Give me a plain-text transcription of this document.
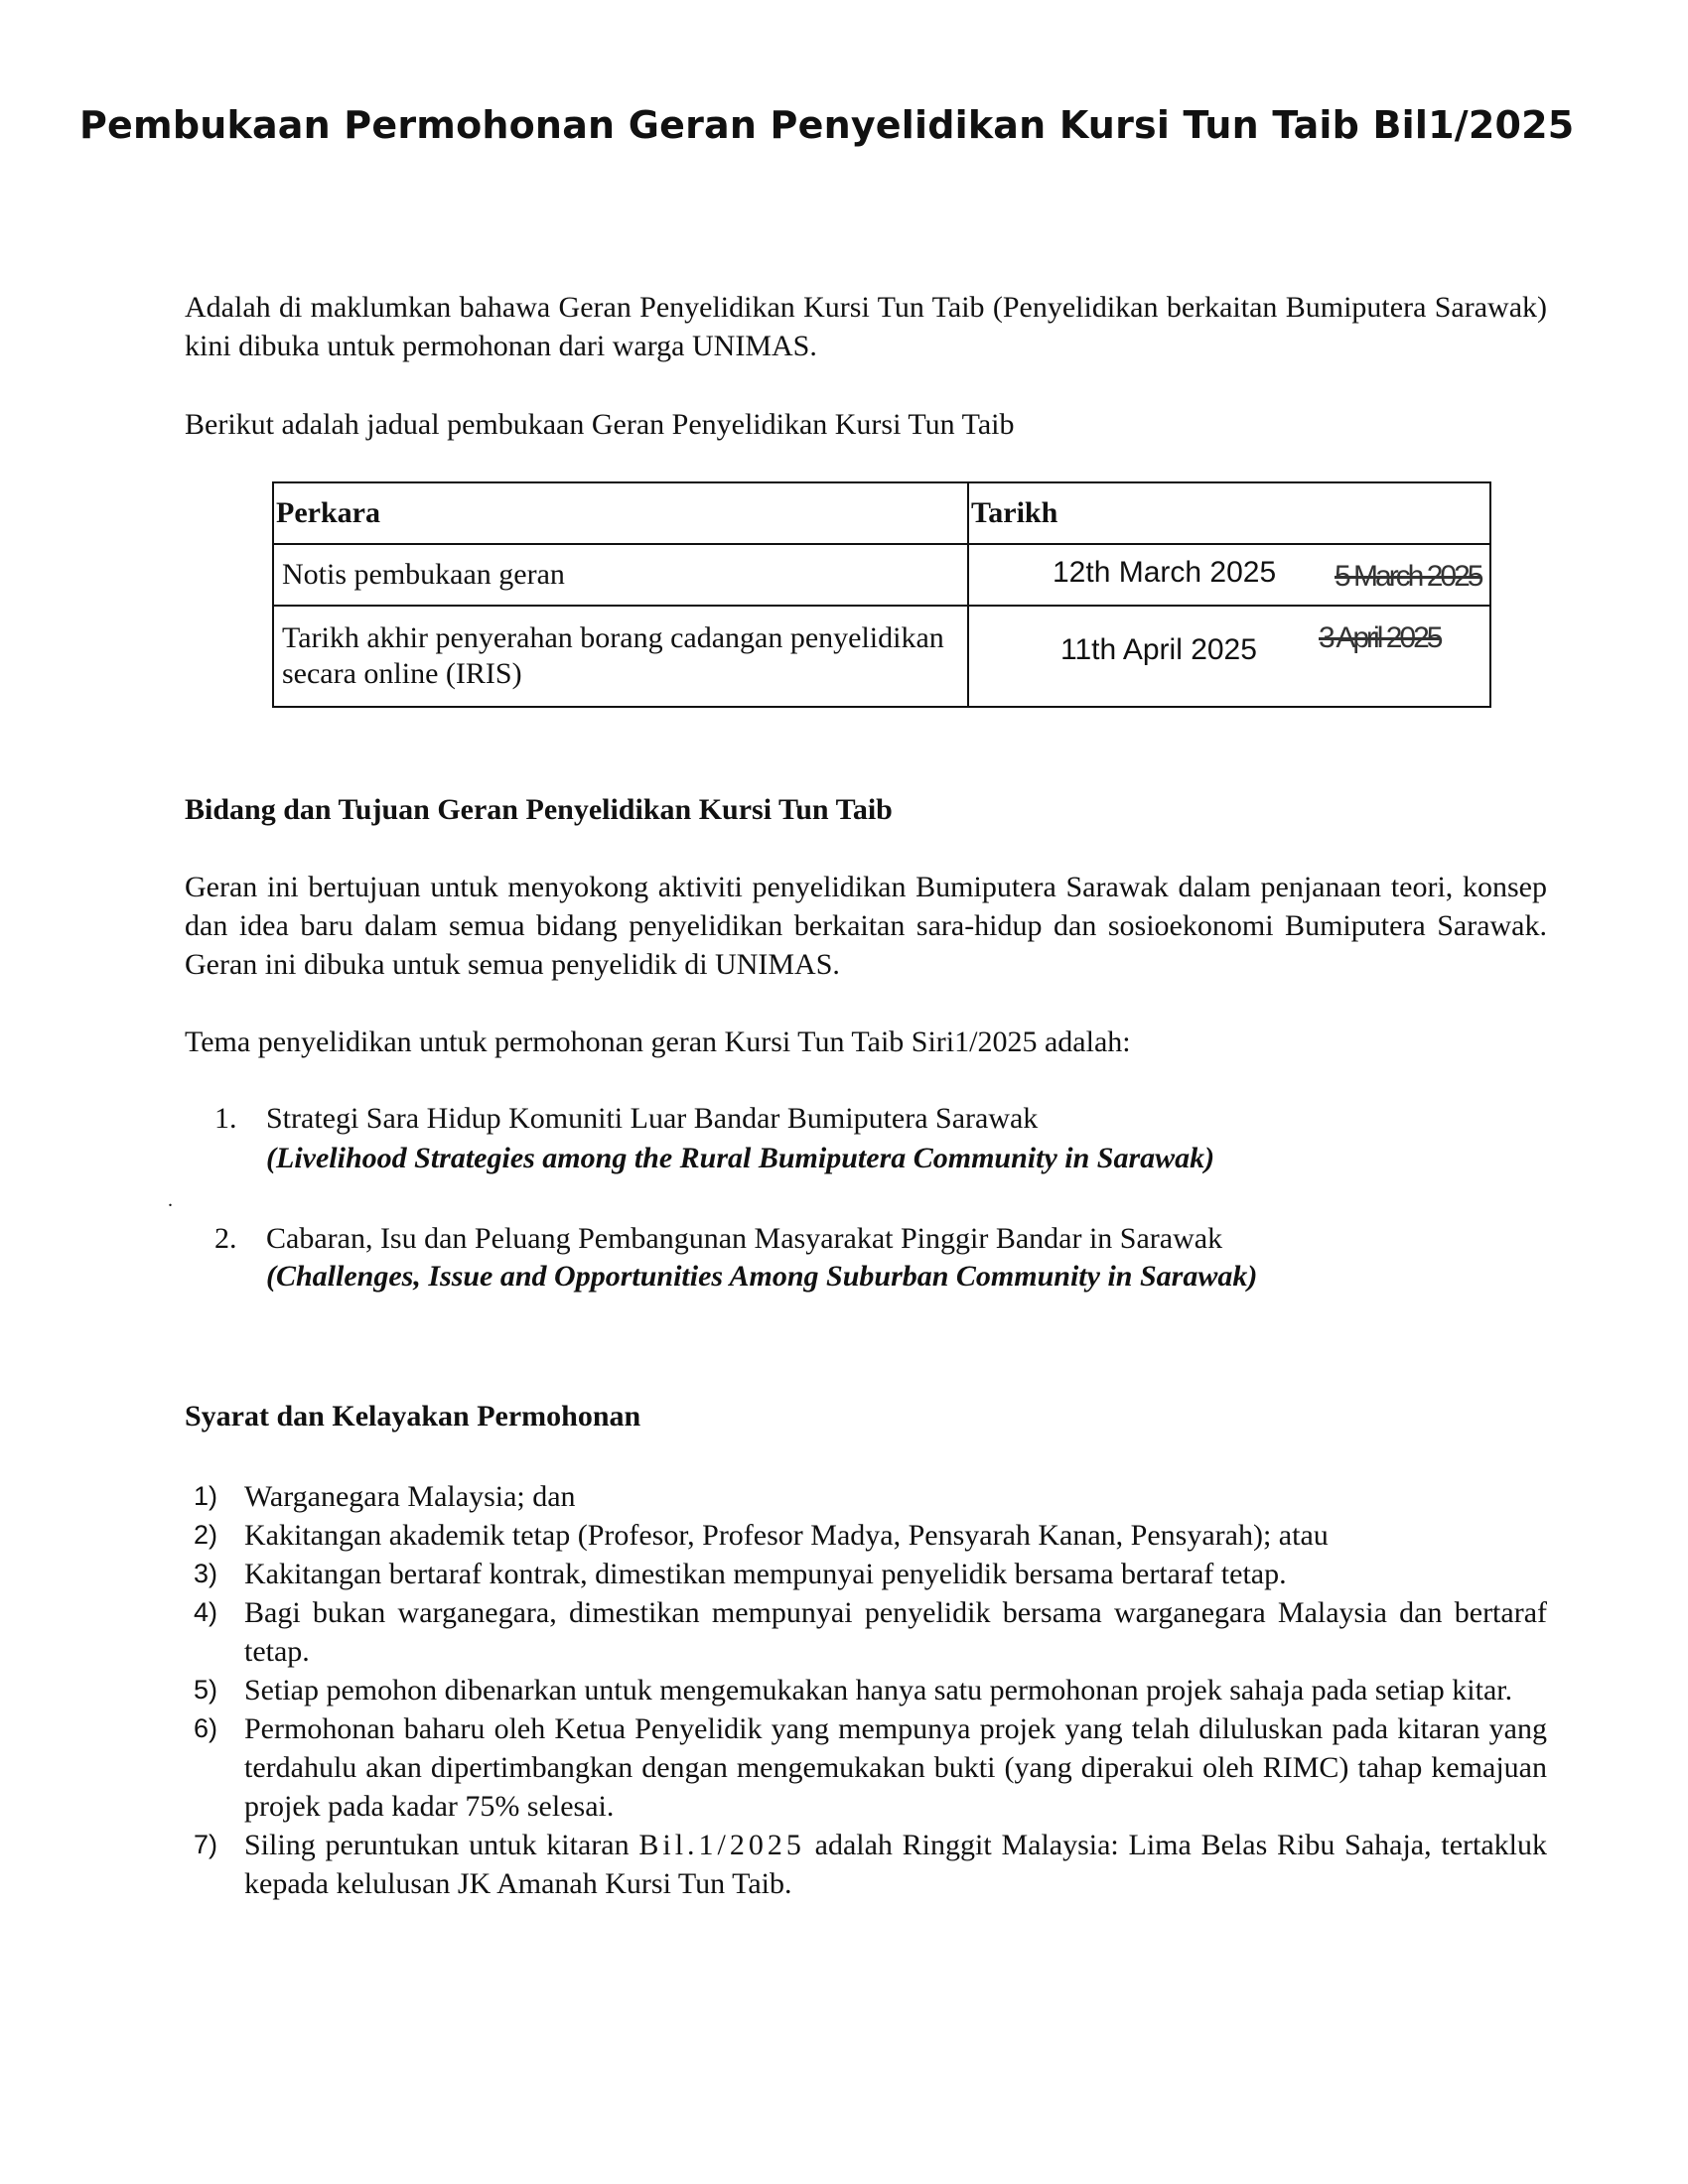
Pembukaan Permohonan Geran Penyelidikan Kursi Tun Taib Bil1/2025

Adalah di maklumkan bahawa Geran Penyelidikan Kursi Tun Taib (Penyelidikan berkaitan Bumiputera Sarawak) kini dibuka untuk permohonan dari warga UNIMAS.

Berikut adalah jadual pembukaan Geran Penyelidikan Kursi Tun Taib

Perkara	Tarikh
Notis pembukaan geran	12th March 2025 5 March 2025

Tarikh akhir penyerahan borang cadangan penyelidikan secara online (IRIS)	11th April 2025 3 April 2025
Bidang dan Tujuan Geran Penyelidikan Kursi Tun Taib

Geran ini bertujuan untuk menyokong aktiviti penyelidikan Bumiputera Sarawak dalam penjanaan teori, konsep dan idea baru dalam semua bidang penyelidikan berkaitan sara-hidup dan sosioekonomi Bumiputera Sarawak. Geran ini dibuka untuk semua penyelidik di UNIMAS.

Tema penyelidikan untuk permohonan geran Kursi Tun Taib Siri1/2025 adalah:

1. Strategi Sara Hidup Komuniti Luar Bandar Bumiputera Sarawak
(Livelihood Strategies among the Rural Bumiputera Community in Sarawak)
.
2. Cabaran, Isu dan Peluang Pembangunan Masyarakat Pinggir Bandar in Sarawak
(Challenges, Issue and Opportunities Among Suburban Community in Sarawak)
Syarat dan Kelayakan Permohonan
1) Warganegara Malaysia; dan
2) Kakitangan akademik tetap (Profesor, Profesor Madya, Pensyarah Kanan, Pensyarah); atau
3) Kakitangan bertaraf kontrak, dimestikan mempunyai penyelidik bersama bertaraf tetap.
4) Bagi bukan warganegara, dimestikan mempunyai penyelidik bersama warganegara Malaysia dan bertaraf tetap.
5) Setiap pemohon dibenarkan untuk mengemukakan hanya satu permohonan projek sahaja pada setiap kitar.
6) Permohonan baharu oleh Ketua Penyelidik yang mempunya projek yang telah diluluskan pada kitaran yang terdahulu akan dipertimbangkan dengan mengemukakan bukti (yang diperakui oleh RIMC) tahap kemajuan projek pada kadar 75% selesai.
7) Siling peruntukan untuk kitaran Bil.1/2025 adalah Ringgit Malaysia: Lima Belas Ribu Sahaja, tertakluk kepada kelulusan JK Amanah Kursi Tun Taib.
